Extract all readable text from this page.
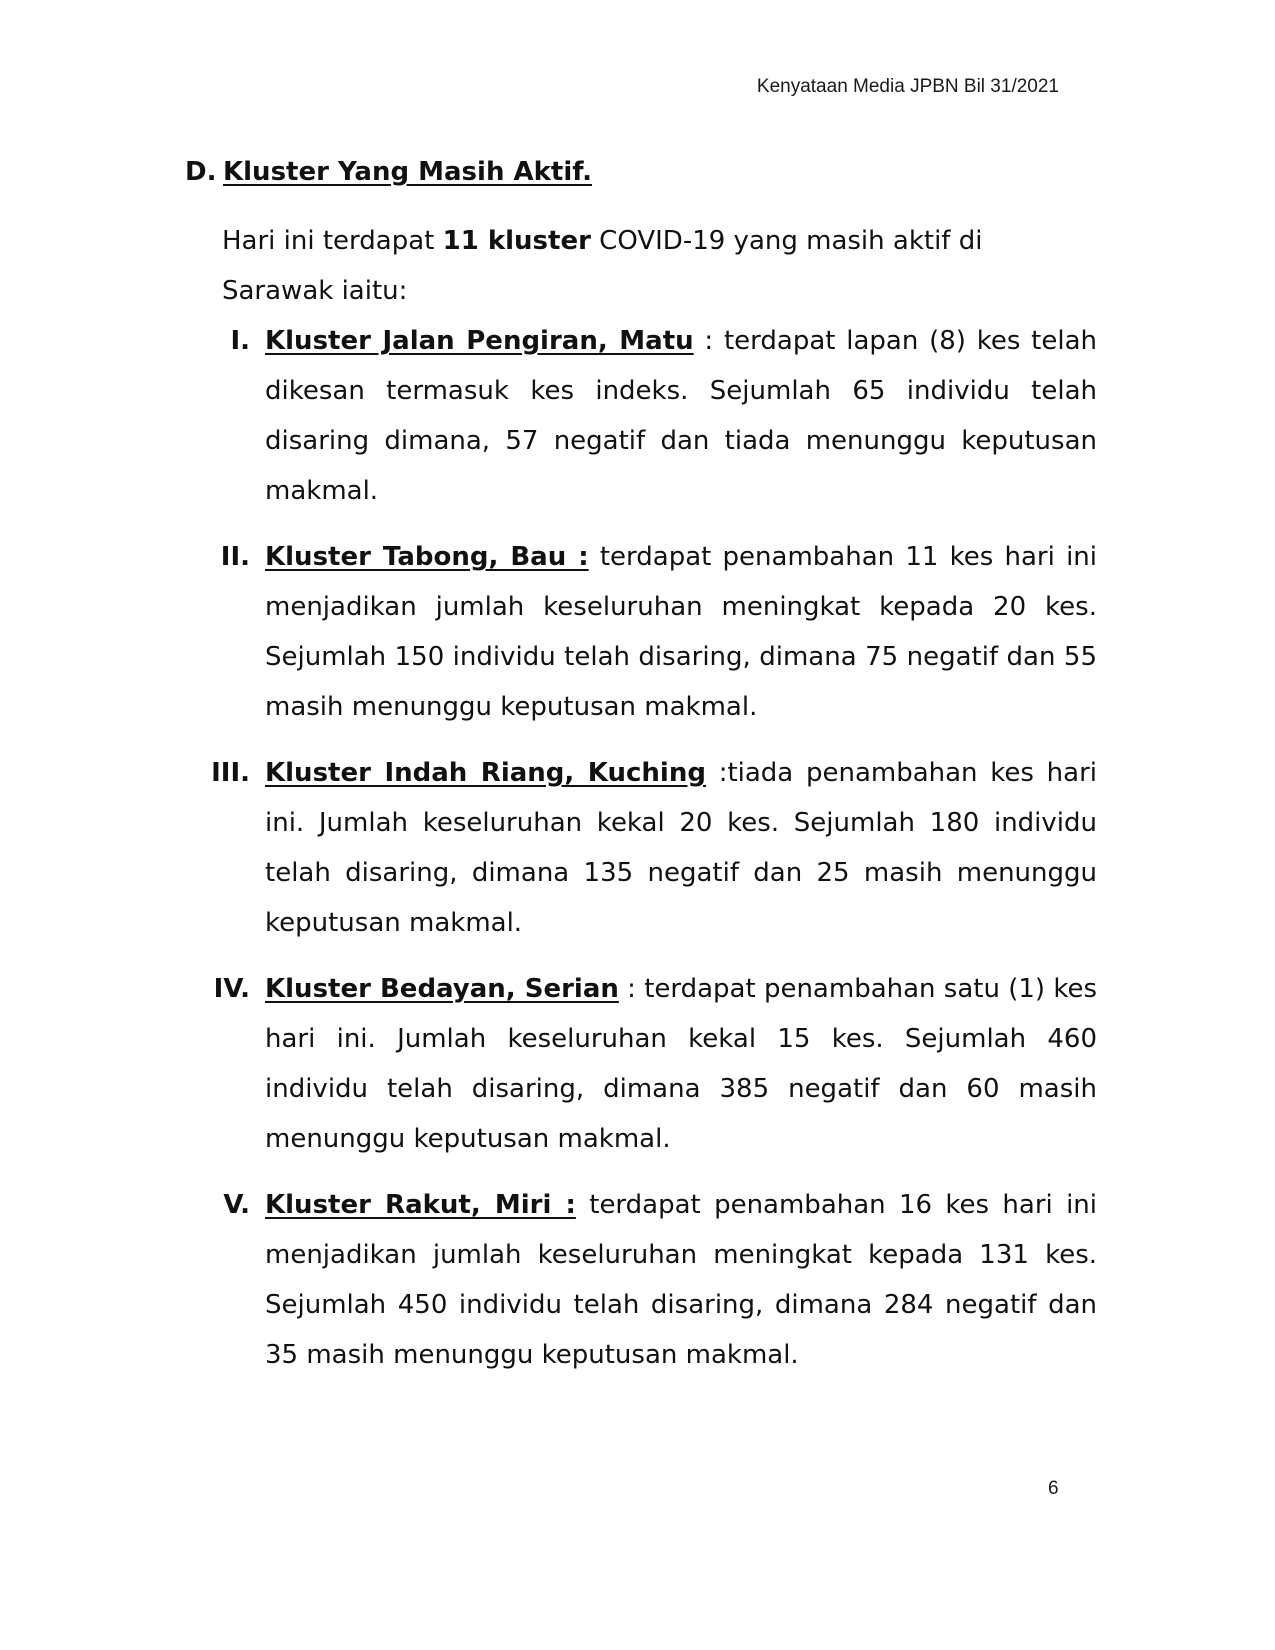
Kenyataan Media JPBN Bil 31/2021
D. Kluster Yang Masih Aktif.

Hari ini terdapat 11 kluster COVID-19 yang masih aktif di Sarawak iaitu:

I. Kluster Jalan Pengiran, Matu : terdapat lapan (8) kes telah dikesan termasuk kes indeks. Sejumlah 65 individu telah disaring dimana, 57 negatif dan tiada menunggu keputusan makmal.

II. Kluster Tabong, Bau : terdapat penambahan 11 kes hari ini menjadikan jumlah keseluruhan meningkat kepada 20 kes. Sejumlah 150 individu telah disaring, dimana 75 negatif dan 55 masih menunggu keputusan makmal.

III. Kluster Indah Riang, Kuching :tiada penambahan kes hari ini. Jumlah keseluruhan kekal 20 kes. Sejumlah 180 individu telah disaring, dimana 135 negatif dan 25 masih menunggu keputusan makmal.

IV. Kluster Bedayan, Serian : terdapat penambahan satu (1) kes hari ini. Jumlah keseluruhan kekal 15 kes. Sejumlah 460 individu telah disaring, dimana 385 negatif dan 60 masih menunggu keputusan makmal.

V. Kluster Rakut, Miri : terdapat penambahan 16 kes hari ini menjadikan jumlah keseluruhan meningkat kepada 131 kes. Sejumlah 450 individu telah disaring, dimana 284 negatif dan 35 masih menunggu keputusan makmal.

6
